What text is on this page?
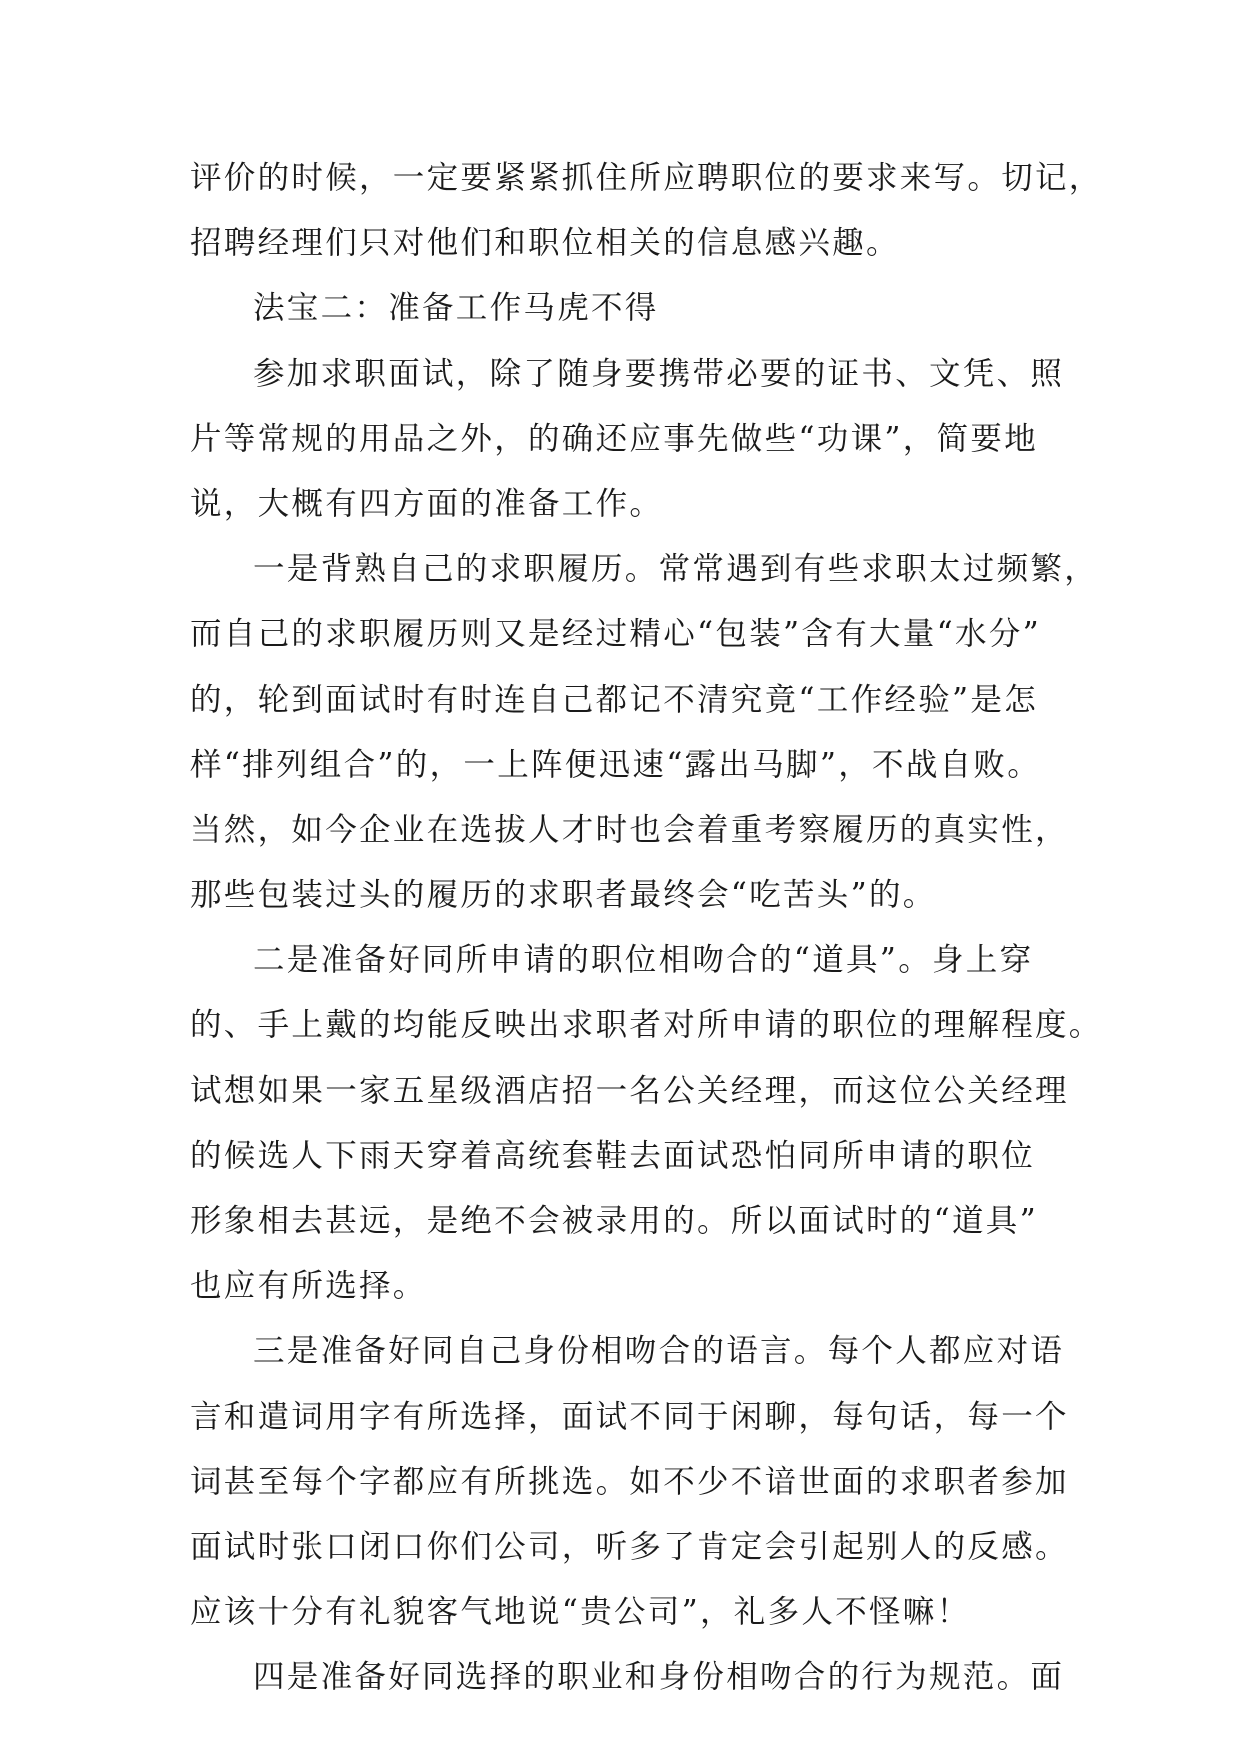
评价的时候，一定要紧紧抓住所应聘职位的要求来写。切记，
招聘经理们只对他们和职位相关的信息感兴趣。
法宝二：准备工作马虎不得
参加求职面试，除了随身要携带必要的证书、文凭、照
片等常规的用品之外，的确还应事先做些“功课”，简要地
说，大概有四方面的准备工作。
一是背熟自己的求职履历。常常遇到有些求职太过频繁，
而自己的求职履历则又是经过精心“包装”含有大量“水分”
的，轮到面试时有时连自己都记不清究竟“工作经验”是怎
样“排列组合”的，一上阵便迅速“露出马脚”，不战自败。
当然，如今企业在选拔人才时也会着重考察履历的真实性，
那些包装过头的履历的求职者最终会“吃苦头”的。
二是准备好同所申请的职位相吻合的“道具”。身上穿
的、手上戴的均能反映出求职者对所申请的职位的理解程度。
试想如果一家五星级酒店招一名公关经理，而这位公关经理
的候选人下雨天穿着高统套鞋去面试恐怕同所申请的职位
形象相去甚远，是绝不会被录用的。所以面试时的“道具”
也应有所选择。
三是准备好同自己身份相吻合的语言。每个人都应对语
言和遣词用字有所选择，面试不同于闲聊，每句话，每一个
词甚至每个字都应有所挑选。如不少不谙世面的求职者参加
面试时张口闭口你们公司，听多了肯定会引起别人的反感。
应该十分有礼貌客气地说“贵公司”，礼多人不怪嘛！
四是准备好同选择的职业和身份相吻合的行为规范。面
